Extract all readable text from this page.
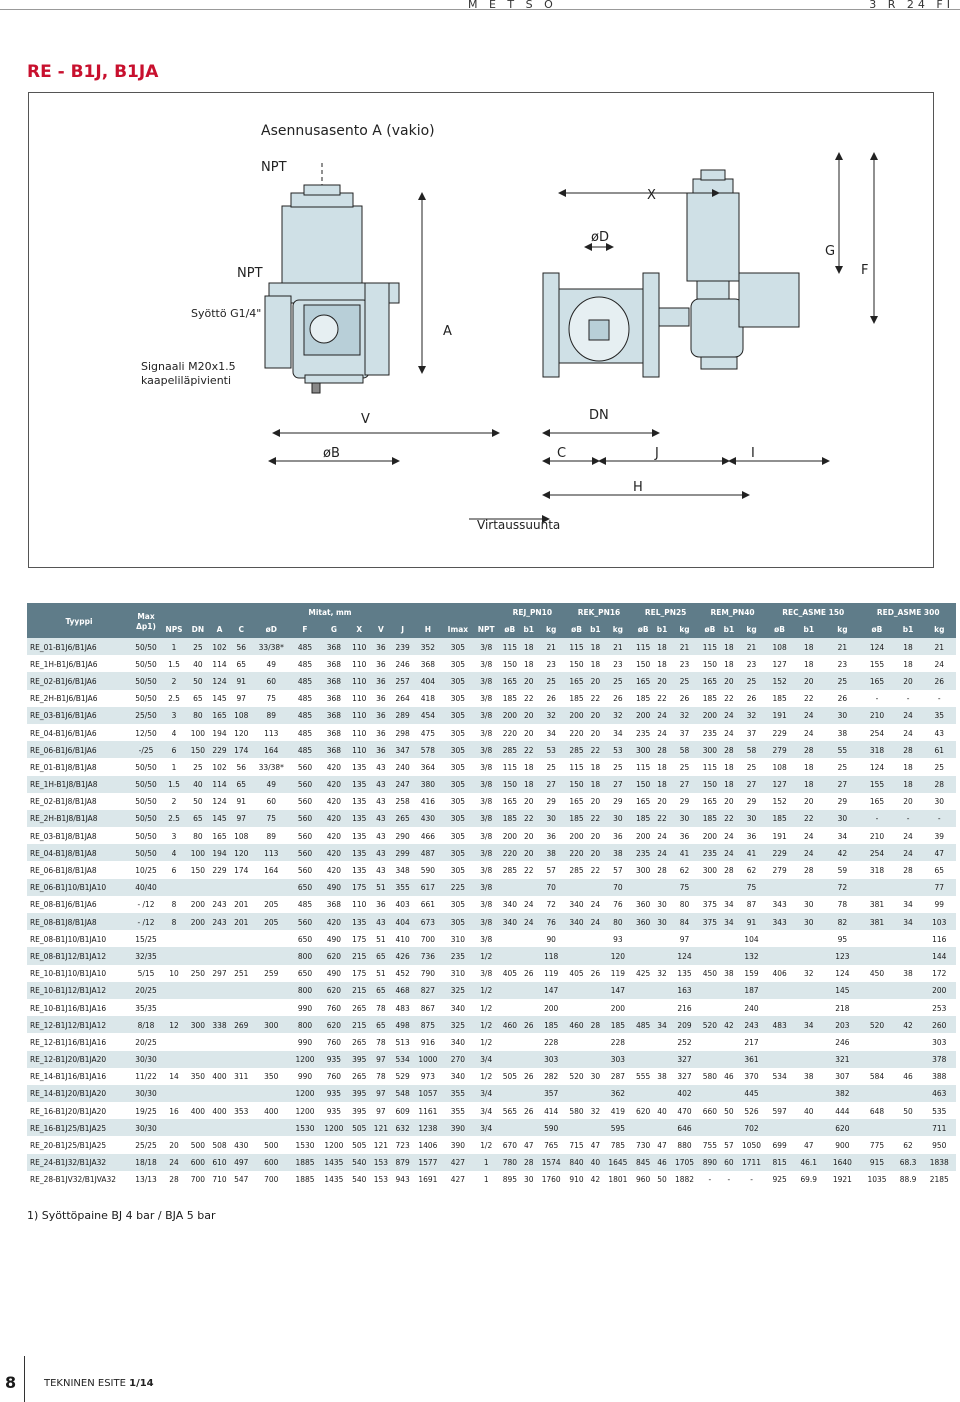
M E T S O	3 R 24 FI
RE - B1J, B1JA
Asennusasento A (vakio)
NPT
NPT
Syöttö G1/4"
Signaali M20x1.5
kaapeliläpivienti
X
øD
G
F
A
V	DN
øB	C	J	I
H
Virtaussuunta
Tyyppi	Max
Δp1)	Mitat, mm													REJ_PN10			REK_PN16			REL_PN25			REM_PN40			REC_ASME 150			RED_ASME 300		
		NPS	DN	A	C	øD	F	G	X	V	J	H	Imax	NPT	øB	b1	kg	øB	b1	kg	øB	b1	kg	øB	b1	kg	øB	b1	kg	øB	b1	kg
RE_01-B1J6/B1JA6	50/50	1	25	102	56	33/38*	485	368	110	36	239	352	305	3/8	115	18	21	115	18	21	115	18	21	115	18	21	108	18	21	124	18	21
RE_1H-B1J6/B1JA6	50/50	1.5	40	114	65	49	485	368	110	36	246	368	305	3/8	150	18	23	150	18	23	150	18	23	150	18	23	127	18	23	155	18	24
RE_02-B1J6/B1JA6	50/50	2	50	124	91	60	485	368	110	36	257	404	305	3/8	165	20	25	165	20	25	165	20	25	165	20	25	152	20	25	165	20	26
RE_2H-B1J6/B1JA6	50/50	2.5	65	145	97	75	485	368	110	36	264	418	305	3/8	185	22	26	185	22	26	185	22	26	185	22	26	185	22	26	-	-	-
RE_03-B1J6/B1JA6	25/50	3	80	165	108	89	485	368	110	36	289	454	305	3/8	200	20	32	200	20	32	200	24	32	200	24	32	191	24	30	210	24	35
RE_04-B1J6/B1JA6	12/50	4	100	194	120	113	485	368	110	36	298	475	305	3/8	220	20	34	220	20	34	235	24	37	235	24	37	229	24	38	254	24	43
RE_06-B1J6/B1JA6	-/25	6	150	229	174	164	485	368	110	36	347	578	305	3/8	285	22	53	285	22	53	300	28	58	300	28	58	279	28	55	318	28	61
RE_01-B1J8/B1JA8	50/50	1	25	102	56	33/38*	560	420	135	43	240	364	305	3/8	115	18	25	115	18	25	115	18	25	115	18	25	108	18	25	124	18	25
RE_1H-B1J8/B1JA8	50/50	1.5	40	114	65	49	560	420	135	43	247	380	305	3/8	150	18	27	150	18	27	150	18	27	150	18	27	127	18	27	155	18	28
RE_02-B1J8/B1JA8	50/50	2	50	124	91	60	560	420	135	43	258	416	305	3/8	165	20	29	165	20	29	165	20	29	165	20	29	152	20	29	165	20	30
RE_2H-B1J8/B1JA8	50/50	2.5	65	145	97	75	560	420	135	43	265	430	305	3/8	185	22	30	185	22	30	185	22	30	185	22	30	185	22	30	-	-	-
RE_03-B1J8/B1JA8	50/50	3	80	165	108	89	560	420	135	43	290	466	305	3/8	200	20	36	200	20	36	200	24	36	200	24	36	191	24	34	210	24	39
RE_04-B1J8/B1JA8	50/50	4	100	194	120	113	560	420	135	43	299	487	305	3/8	220	20	38	220	20	38	235	24	41	235	24	41	229	24	42	254	24	47
RE_06-B1J8/B1JA8	10/25	6	150	229	174	164	560	420	135	43	348	590	305	3/8	285	22	57	285	22	57	300	28	62	300	28	62	279	28	59	318	28	65
RE_06-B1J10/B1JA10	40/40						650	490	175	51	355	617	225	3/8			70			70			75			75			72			77
RE_08-B1J6/B1JA6	- /12	8	200	243	201	205	485	368	110	36	403	661	305	3/8	340	24	72	340	24	76	360	30	80	375	34	87	343	30	78	381	34	99
RE_08-B1J8/B1JA8	- /12	8	200	243	201	205	560	420	135	43	404	673	305	3/8	340	24	76	340	24	80	360	30	84	375	34	91	343	30	82	381	34	103
RE_08-B1J10/B1JA10	15/25						650	490	175	51	410	700	310	3/8			90			93			97			104			95			116
RE_08-B1J12/B1JA12	32/35						800	620	215	65	426	736	235	1/2			118			120			124			132			123			144
RE_10-B1J10/B1JA10	5/15	10	250	297	251	259	650	490	175	51	452	790	310	3/8	405	26	119	405	26	119	425	32	135	450	38	159	406	32	124	450	38	172
RE_10-B1J12/B1JA12	20/25						800	620	215	65	468	827	325	1/2			147			147			163			187			145			200
RE_10-B1J16/B1JA16	35/35						990	760	265	78	483	867	340	1/2			200			200			216			240			218			253
RE_12-B1J12/B1JA12	8/18	12	300	338	269	300	800	620	215	65	498	875	325	1/2	460	26	185	460	28	185	485	34	209	520	42	243	483	34	203	520	42	260
RE_12-B1J16/B1JA16	20/25						990	760	265	78	513	916	340	1/2			228			228			252			217			246			303
RE_12-B1J20/B1JA20	30/30						1200	935	395	97	534	1000	270	3/4			303			303			327			361			321			378
RE_14-B1J16/B1JA16	11/22	14	350	400	311	350	990	760	265	78	529	973	340	1/2	505	26	282	520	30	287	555	38	327	580	46	370	534	38	307	584	46	388
RE_14-B1J20/B1JA20	30/30						1200	935	395	97	548	1057	355	3/4			357			362			402			445			382			463
RE_16-B1J20/B1JA20	19/25	16	400	400	353	400	1200	935	395	97	609	1161	355	3/4	565	26	414	580	32	419	620	40	470	660	50	526	597	40	444	648	50	535
RE_16-B1J25/B1JA25	30/30						1530	1200	505	121	632	1238	390	3/4			590			595			646			702			620			711
RE_20-B1J25/B1JA25	25/25	20	500	508	430	500	1530	1200	505	121	723	1406	390	1/2	670	47	765	715	47	785	730	47	880	755	57	1050	699	47	900	775	62	950
RE_24-B1J32/B1JA32	18/18	24	600	610	497	600	1885	1435	540	153	879	1577	427	1	780	28	1574	840	40	1645	845	46	1705	890	60	1711	815	46.1	1640	915	68.3	1838
RE_28-B1JV32/B1JVA32	13/13	28	700	710	547	700	1885	1435	540	153	943	1691	427	1	895	30	1760	910	42	1801	960	50	1882	-	-	-	925	69.9	1921	1035	88.9	2185
1) Syöttöpaine BJ 4 bar / BJA 5 bar
8	TEKNINEN ESITE 1/14
